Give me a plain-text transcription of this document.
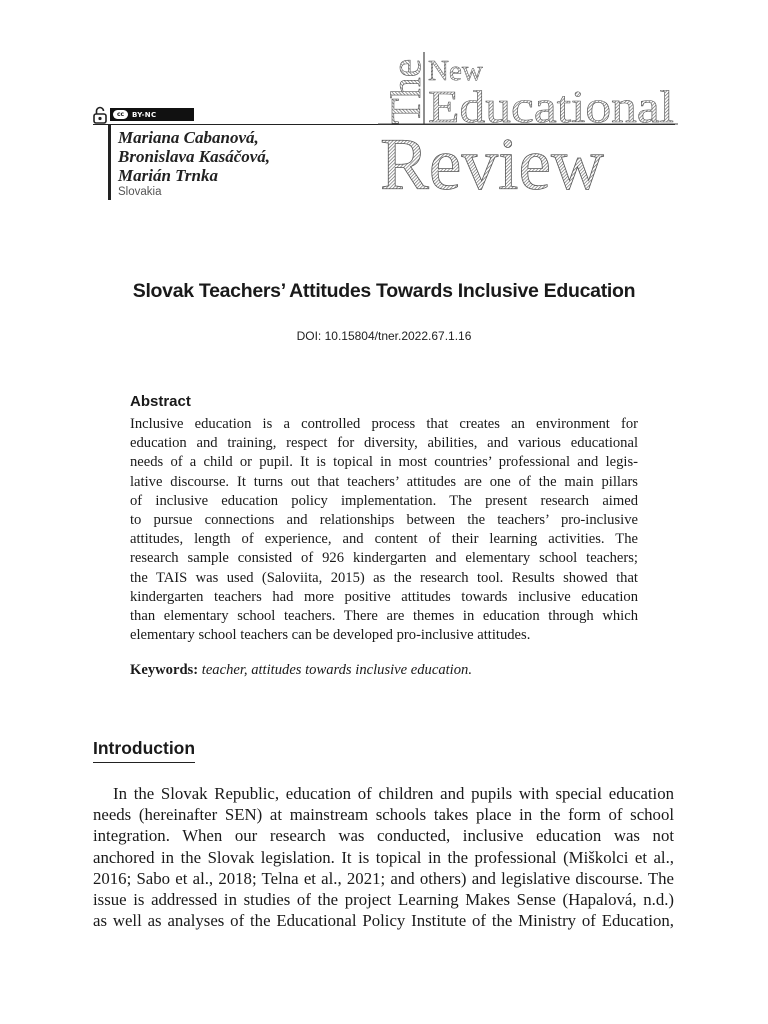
cc	BY-NC
Mariana Cabanová,
Bronislava Kasáčová,
Marián Trnka
Slovakia
The
New
Educational
Review
Slovak Teachers’ Attitudes Towards Inclusive Education
DOI: 10.15804/tner.2022.67.1.16
Abstract
Inclusive education is a controlled process that creates an environment for
education and training, respect for diversity, abilities, and various educational
needs of a child or pupil. It is topical in most countries’ professional and legis-
lative discourse. It turns out that teachers’ attitudes are one of the main pillars
of inclusive education policy implementation. The present research aimed
to pursue connections and relationships between the teachers’ pro-inclusive
attitudes, length of experience, and content of their learning activities. The
research sample consisted of 926 kindergarten and elementary school teachers;
the TAIS was used (Saloviita, 2015) as the research tool. Results showed that
kindergarten teachers had more positive attitudes towards inclusive education
than elementary school teachers. There are themes in education through which
elementary school teachers can be developed pro-inclusive attitudes.
Keywords: teacher, attitudes towards inclusive education.
Introduction
In the Slovak Republic, education of children and pupils with special education
needs (hereinafter SEN) at mainstream schools takes place in the form of school
integration. When our research was conducted, inclusive education was not
anchored in the Slovak legislation. It is topical in the professional (Miškolci et al.,
2016; Sabo et al., 2018; Telna et al., 2021; and others) and legislative discourse. The
issue is addressed in studies of the project Learning Makes Sense (Hapalová, n.d.)
as well as analyses of the Educational Policy Institute of the Ministry of Education,
